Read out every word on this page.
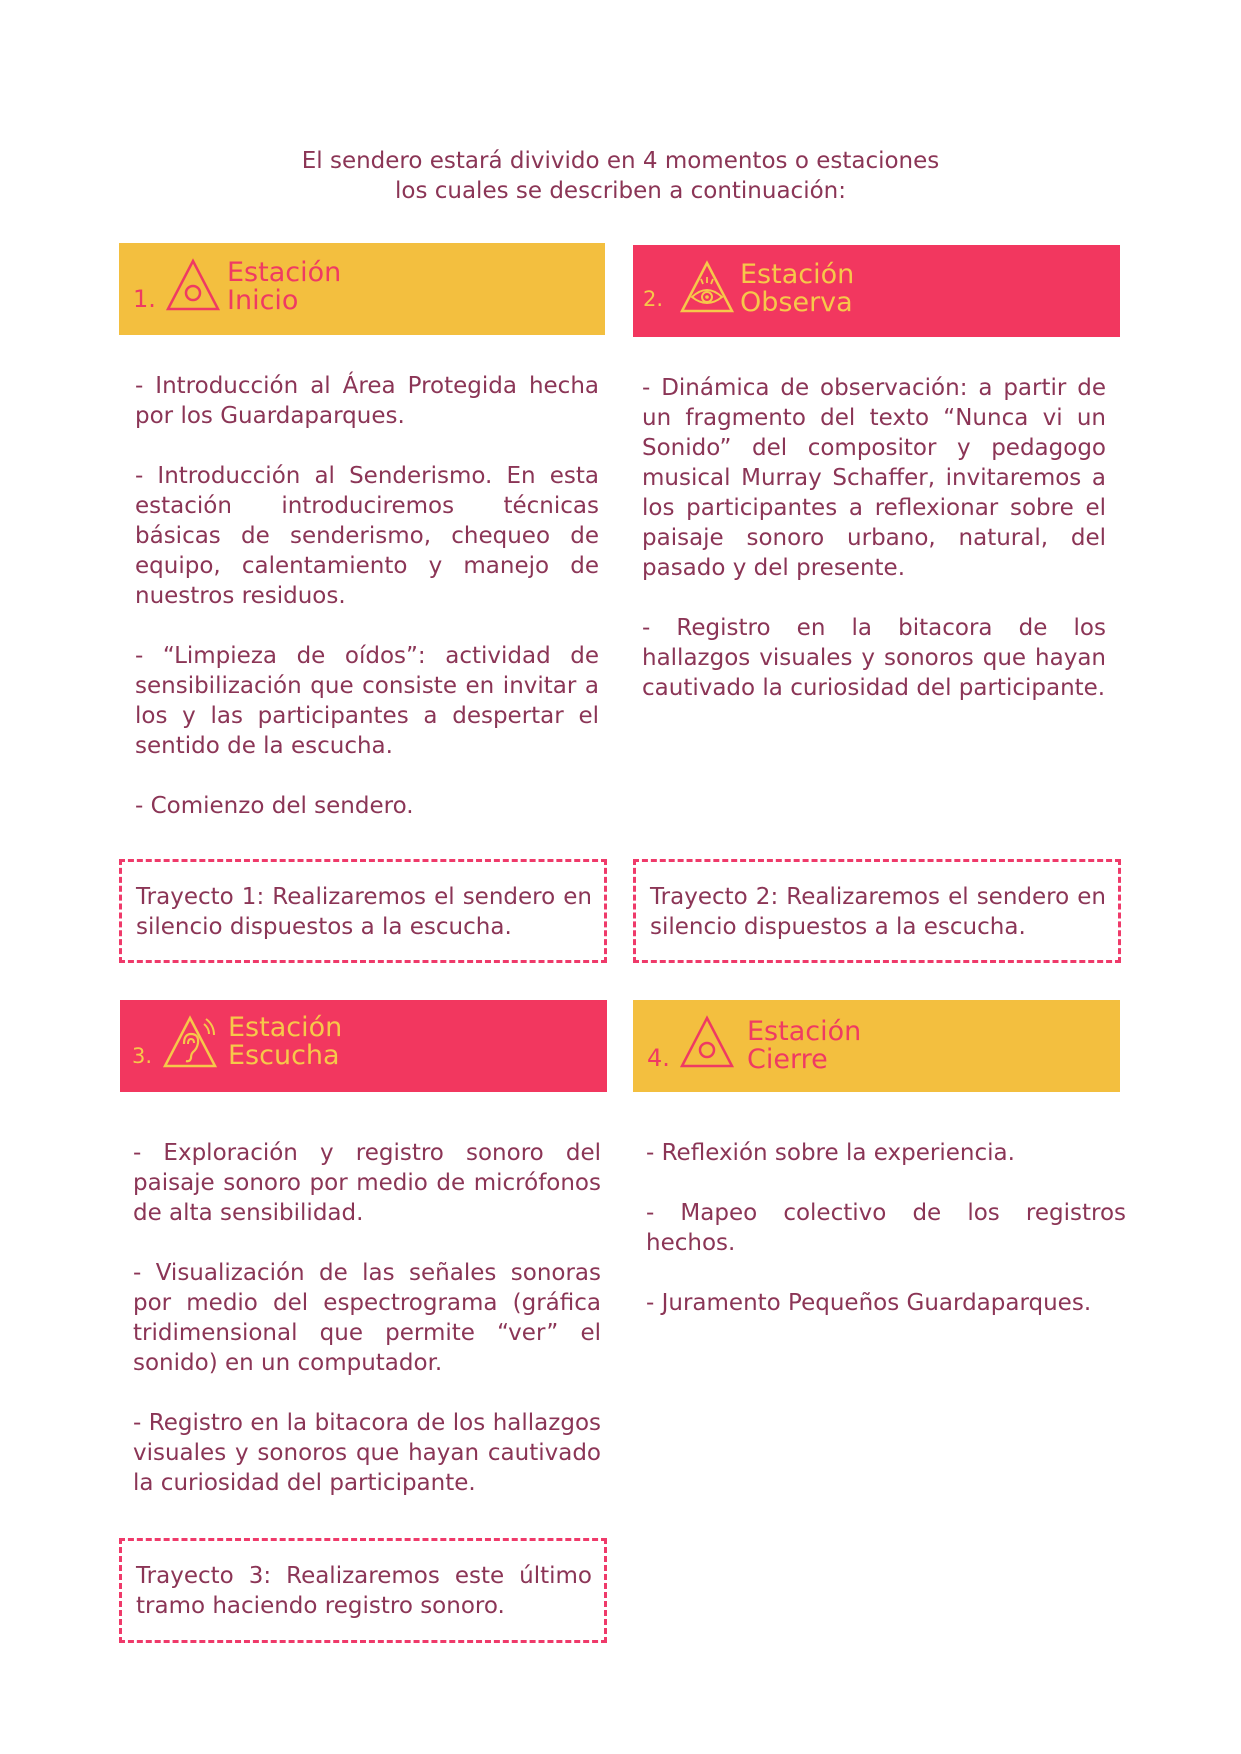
El sendero estará divivido en 4 momentos o estaciones
los cuales se describen a continuación:
1.
Estación
Inicio

- Introducción al Área Protegida hecha por los Guardaparques.

- Introducción al Senderismo. En esta estación introduciremos técnicas básicas de senderismo, chequeo de equipo, calentamiento y manejo de nuestros residuos.

- “Limpieza de oídos”: actividad de sensibilización que consiste en invitar a los y las participantes a despertar el sentido de la escucha.

- Comienzo del sendero.

Trayecto 1: Realizaremos el sendero en silencio dispuestos a la escucha.

2.
Estación
Observa

- Dinámica de observación: a partir de un fragmento del texto “Nunca vi un Sonido” del compositor y pedagogo musical Murray Schaffer, invitaremos a los participantes a reflexionar sobre el paisaje sonoro urbano, natural, del pasado y del presente.

- Registro en la bitacora de los hallazgos visuales y sonoros que hayan cautivado la curiosidad del participante.

Trayecto 2: Realizaremos el sendero en silencio dispuestos a la escucha.

3.
Estación
Escucha

- Exploración y registro sonoro del paisaje sonoro por medio de micrófonos de alta sensibilidad.

- Visualización de las señales sonoras por medio del espectrograma (gráfica tridimensional que permite “ver” el sonido) en un computador.

- Registro en la bitacora de los hallazgos visuales y sonoros que hayan cautivado la curiosidad del participante.

Trayecto 3: Realizaremos este último tramo haciendo registro sonoro.

4.
Estación
Cierre

- Reflexión sobre la experiencia.

- Mapeo colectivo de los registros hechos.

- Juramento Pequeños Guardaparques.
